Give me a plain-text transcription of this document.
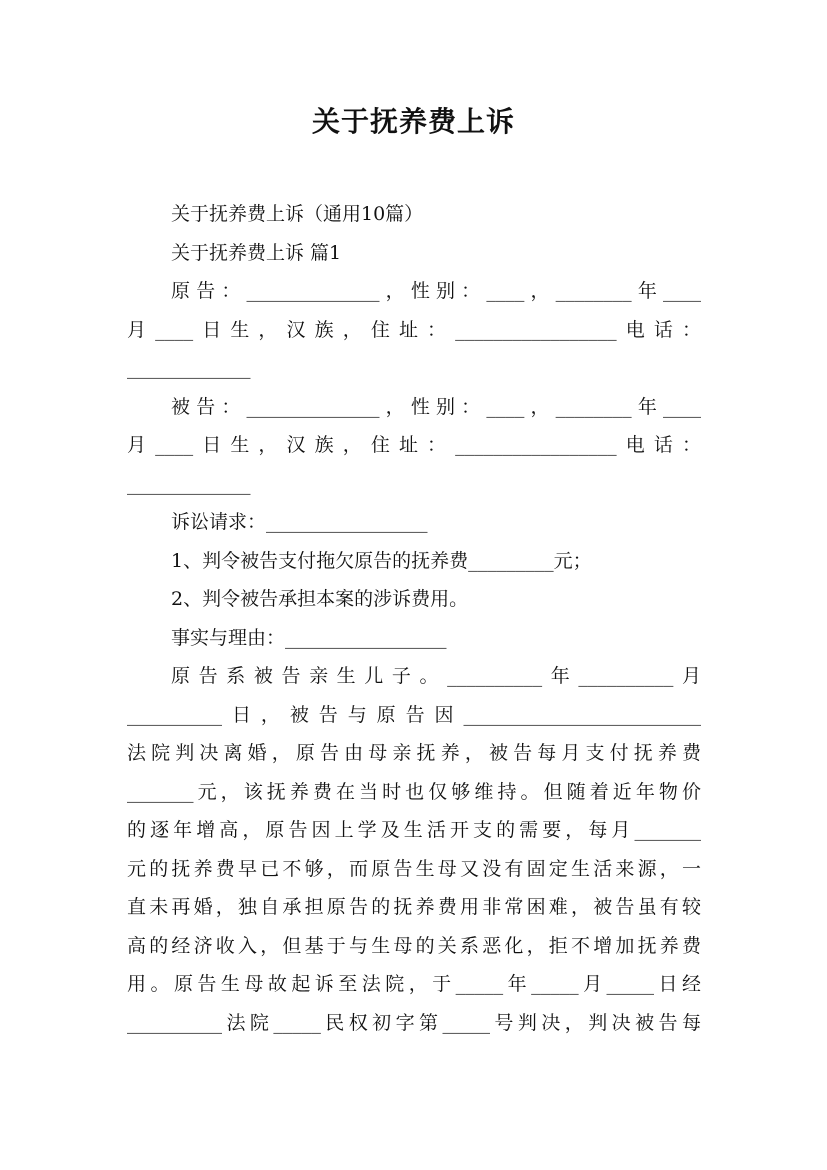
关于抚养费上诉
关于抚养费上诉（通用10篇）
关于抚养费上诉 篇1
原告：______________，性别：____，________年____
月____日生，汉族，住址：_________________电话：
_____________
被告：______________，性别：____，________年____
月____日生，汉族，住址：_________________电话：
_____________
诉讼请求：_________________
1、判令被告支付拖欠原告的抚养费_________元；
2、判令被告承担本案的涉诉费用。
事实与理由：_________________
原告系被告亲生儿子。__________年__________月
__________日，被告与原告因_________________________
法院判决离婚，原告由母亲抚养，被告每月支付抚养费
_______元，该抚养费在当时也仅够维持。但随着近年物价
的逐年增高，原告因上学及生活开支的需要，每月_______
元的抚养费早已不够，而原告生母又没有固定生活来源，一
直未再婚，独自承担原告的抚养费用非常困难，被告虽有较
高的经济收入，但基于与生母的关系恶化，拒不增加抚养费
用。原告生母故起诉至法院，于_____年_____月_____日经
__________法院_____民权初字第_____号判决，判决被告每
